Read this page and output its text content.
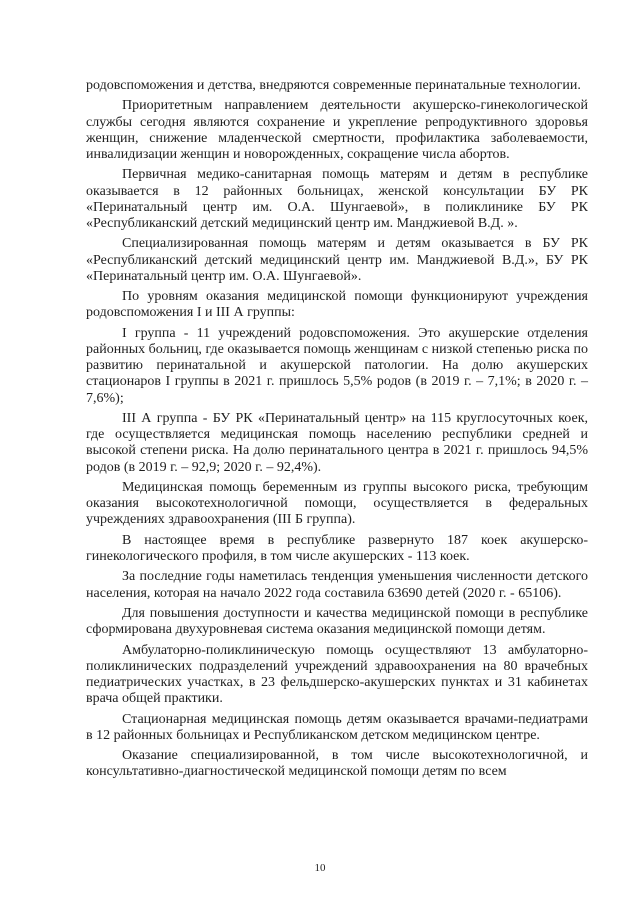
родовспоможения и детства, внедряются современные перинатальные технологии.

Приоритетным направлением деятельности акушерско-гинекологической службы сегодня являются сохранение и укрепление репродуктивного здоровья женщин, снижение младенческой смертности, профилактика заболеваемости, инвалидизации женщин и новорожденных, сокращение числа абортов.

Первичная медико-санитарная помощь матерям и детям в республике оказывается в 12 районных больницах, женской консультации БУ РК «Перинатальный центр им. О.А. Шунгаевой», в поликлинике БУ РК «Республиканский детский медицинский центр им. Манджиевой В.Д. ».

Специализированная помощь матерям и детям оказывается в БУ РК «Республиканский детский медицинский центр им. Манджиевой В.Д.», БУ РК «Перинатальный центр им. О.А. Шунгаевой».

По уровням оказания медицинской помощи функционируют учреждения родовспоможения I и III А группы:

I группа - 11 учреждений родовспоможения. Это акушерские отделения районных больниц, где оказывается помощь женщинам с низкой степенью риска по развитию перинатальной и акушерской патологии. На долю акушерских стационаров I группы в 2021 г. пришлось 5,5% родов (в 2019 г. – 7,1%; в 2020 г. – 7,6%);

III А группа - БУ РК «Перинатальный центр» на 115 круглосуточных коек, где осуществляется медицинская помощь населению республики средней и высокой степени риска. На долю перинатального центра в 2021 г. пришлось 94,5% родов (в 2019 г. – 92,9; 2020 г. – 92,4%).

Медицинская помощь беременным из группы высокого риска, требующим оказания высокотехнологичной помощи, осуществляется в федеральных учреждениях здравоохранения (III Б группа).

В настоящее время в республике развернуто 187 коек акушерско-гинекологического профиля, в том числе акушерских - 113 коек.

За последние годы наметилась тенденция уменьшения численности детского населения, которая на начало 2022 года составила 63690 детей (2020 г. - 65106).

Для повышения доступности и качества медицинской помощи в республике сформирована двухуровневая система оказания медицинской помощи детям.

Амбулаторно-поликлиническую помощь осуществляют 13 амбулаторно-поликлинических подразделений учреждений здравоохранения на 80 врачебных педиатрических участках, в 23 фельдшерско-акушерских пунктах и 31 кабинетах врача общей практики.

Стационарная медицинская помощь детям оказывается врачами-педиатрами в 12 районных больницах и Республиканском детском медицинском центре.

Оказание специализированной, в том числе высокотехнологичной, и консультативно-диагностической медицинской помощи детям по всем

10
